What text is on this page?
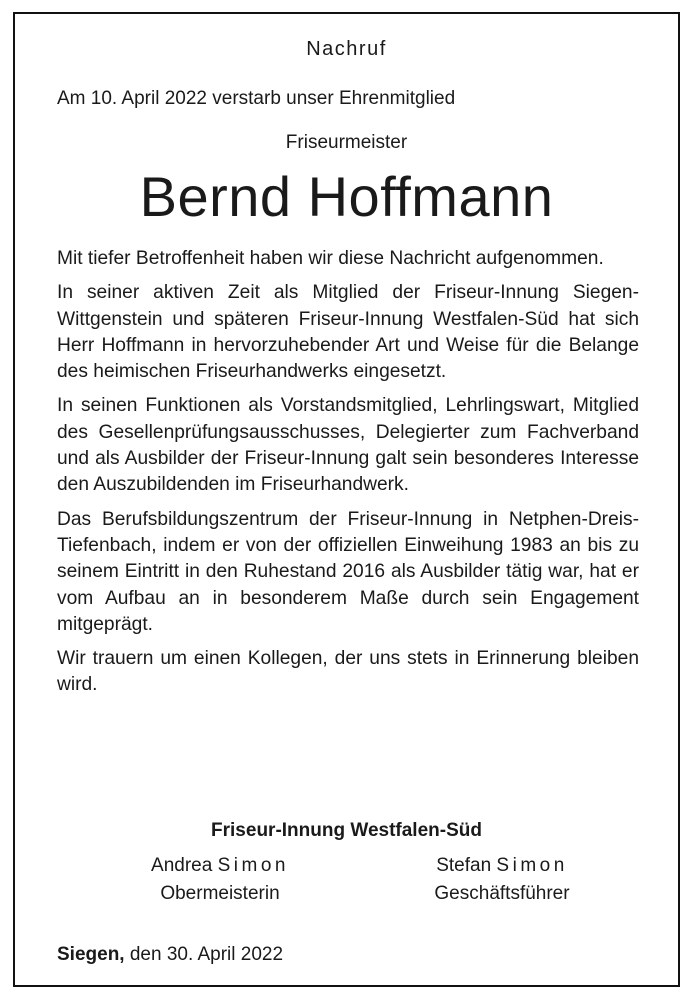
Nachruf
Am 10. April 2022 verstarb unser Ehrenmitglied
Friseurmeister
Bernd Hoffmann

Mit tiefer Betroffenheit haben wir diese Nachricht aufgenommen.

In seiner aktiven Zeit als Mitglied der Friseur-Innung Siegen-Wittgenstein und späteren Friseur-Innung Westfalen-Süd hat sich Herr Hoffmann in hervorzuhebender Art und Weise für die Belange des heimischen Friseurhandwerks eingesetzt.

In seinen Funktionen als Vorstandsmitglied, Lehrlingswart, Mitglied des Gesellenprüfungsausschusses, Delegierter zum Fachverband und als Ausbilder der Friseur-Innung galt sein besonderes Interesse den Auszubildenden im Friseurhandwerk.

Das Berufsbildungszentrum der Friseur-Innung in Netphen-Dreis-Tiefenbach, indem er von der offiziellen Einweihung 1983 an bis zu seinem Eintritt in den Ruhestand 2016 als Ausbilder tätig war, hat er vom Aufbau an in besonderem Maße durch sein Engagement mitgeprägt.

Wir trauern um einen Kollegen, der uns stets in Erinnerung bleiben wird.

Friseur-Innung Westfalen-Süd
Andrea Simon
Obermeisterin
Stefan Simon
Geschäftsführer
Siegen, den 30. April 2022
